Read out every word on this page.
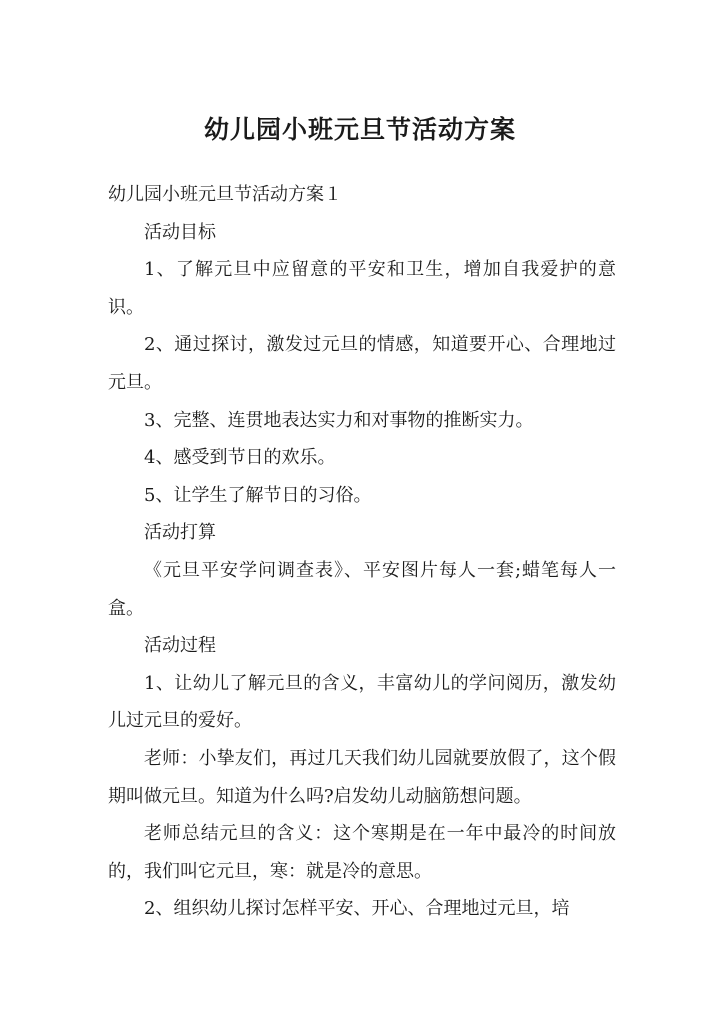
幼儿园小班元旦节活动方案

幼儿园小班元旦节活动方案１

活动目标

1、了解元旦中应留意的平安和卫生，增加自我爱护的意识。

2、通过探讨，激发过元旦的情感，知道要开心、合理地过元旦。

3、完整、连贯地表达实力和对事物的推断实力。

4、感受到节日的欢乐。

5、让学生了解节日的习俗。

活动打算

《元旦平安学问调查表》、平安图片每人一套;蜡笔每人一盒。

活动过程

1、让幼儿了解元旦的含义，丰富幼儿的学问阅历，激发幼儿过元旦的爱好。

老师：小挚友们，再过几天我们幼儿园就要放假了，这个假期叫做元旦。知道为什么吗?启发幼儿动脑筋想问题。

老师总结元旦的含义：这个寒期是在一年中最冷的时间放的，我们叫它元旦，寒：就是冷的意思。

2、组织幼儿探讨怎样平安、开心、合理地过元旦，培
